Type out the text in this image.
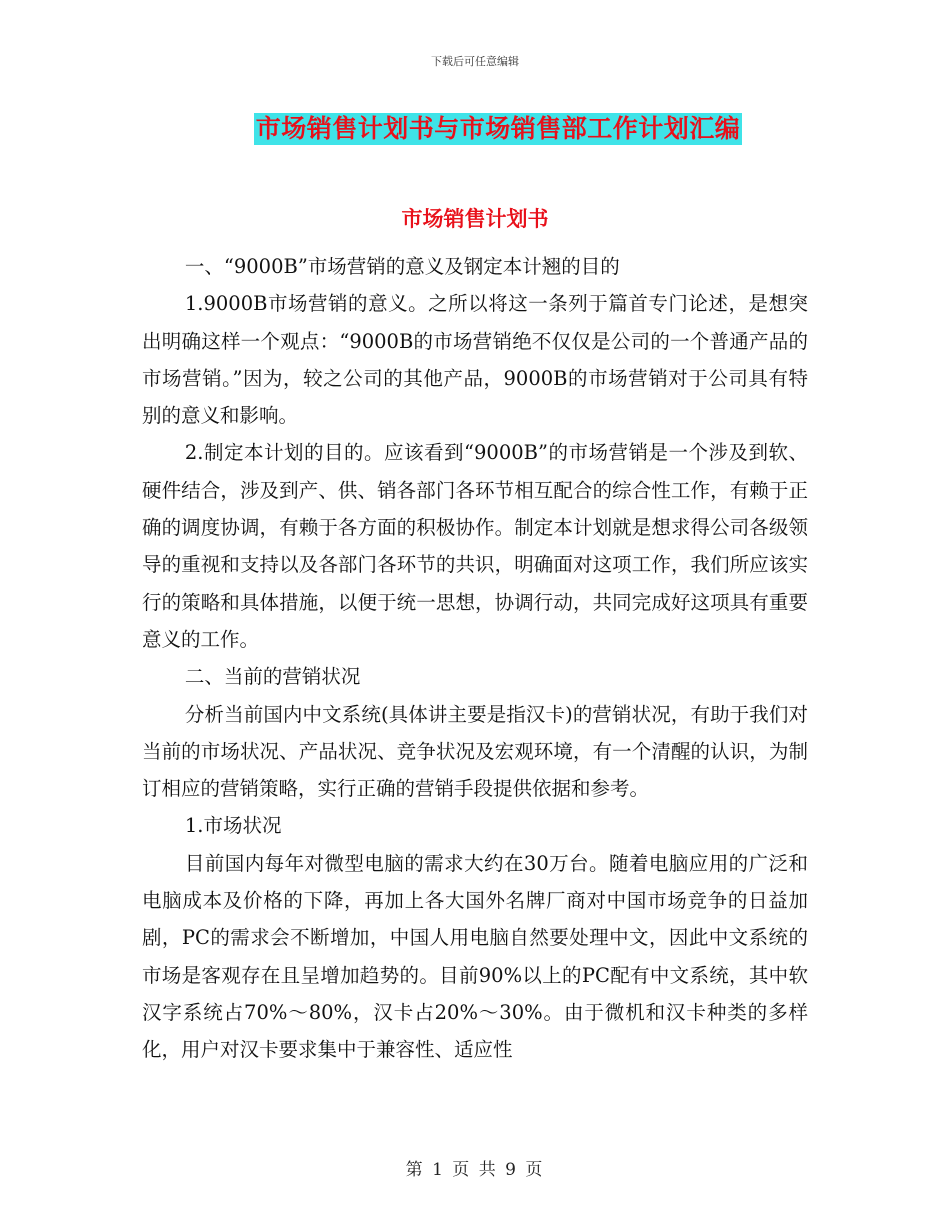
下载后可任意编辑
市场销售计划书与市场销售部工作计划汇编
市场销售计划书

一、“9000B”市场营销的意义及钢定本计翘的目的

1.9000B市场营销的意义。之所以将这一条列于篇首专门论述，是想突出明确这样一个观点：“9000B的市场营销绝不仅仅是公司的一个普通产品的市场营销。”因为，较之公司的其他产品，9000B的市场营销对于公司具有特别的意义和影响。

2.制定本计划的目的。应该看到“9000B”的市场营销是一个涉及到软、硬件结合，涉及到产、供、销各部门各环节相互配合的综合性工作，有赖于正确的调度协调，有赖于各方面的积极协作。制定本计划就是想求得公司各级领导的重视和支持以及各部门各环节的共识，明确面对这项工作，我们所应该实行的策略和具体措施，以便于统一思想，协调行动，共同完成好这项具有重要意义的工作。

二、当前的营销状况

分析当前国内中文系统(具体讲主要是指汉卡)的营销状况，有助于我们对当前的市场状况、产品状况、竞争状况及宏观环境，有一个清醒的认识，为制订相应的营销策略，实行正确的营销手段提供依据和参考。

1.市场状况

目前国内每年对微型电脑的需求大约在30万台。随着电脑应用的广泛和电脑成本及价格的下降，再加上各大国外名牌厂商对中国市场竞争的日益加剧，PC的需求会不断增加，中国人用电脑自然要处理中文，因此中文系统的市场是客观存在且呈增加趋势的。目前90%以上的PC配有中文系统，其中软汉字系统占70%～80%，汉卡占20%～30%。由于微机和汉卡种类的多样化，用户对汉卡要求集中于兼容性、适应性

第 1 页 共 9 页
